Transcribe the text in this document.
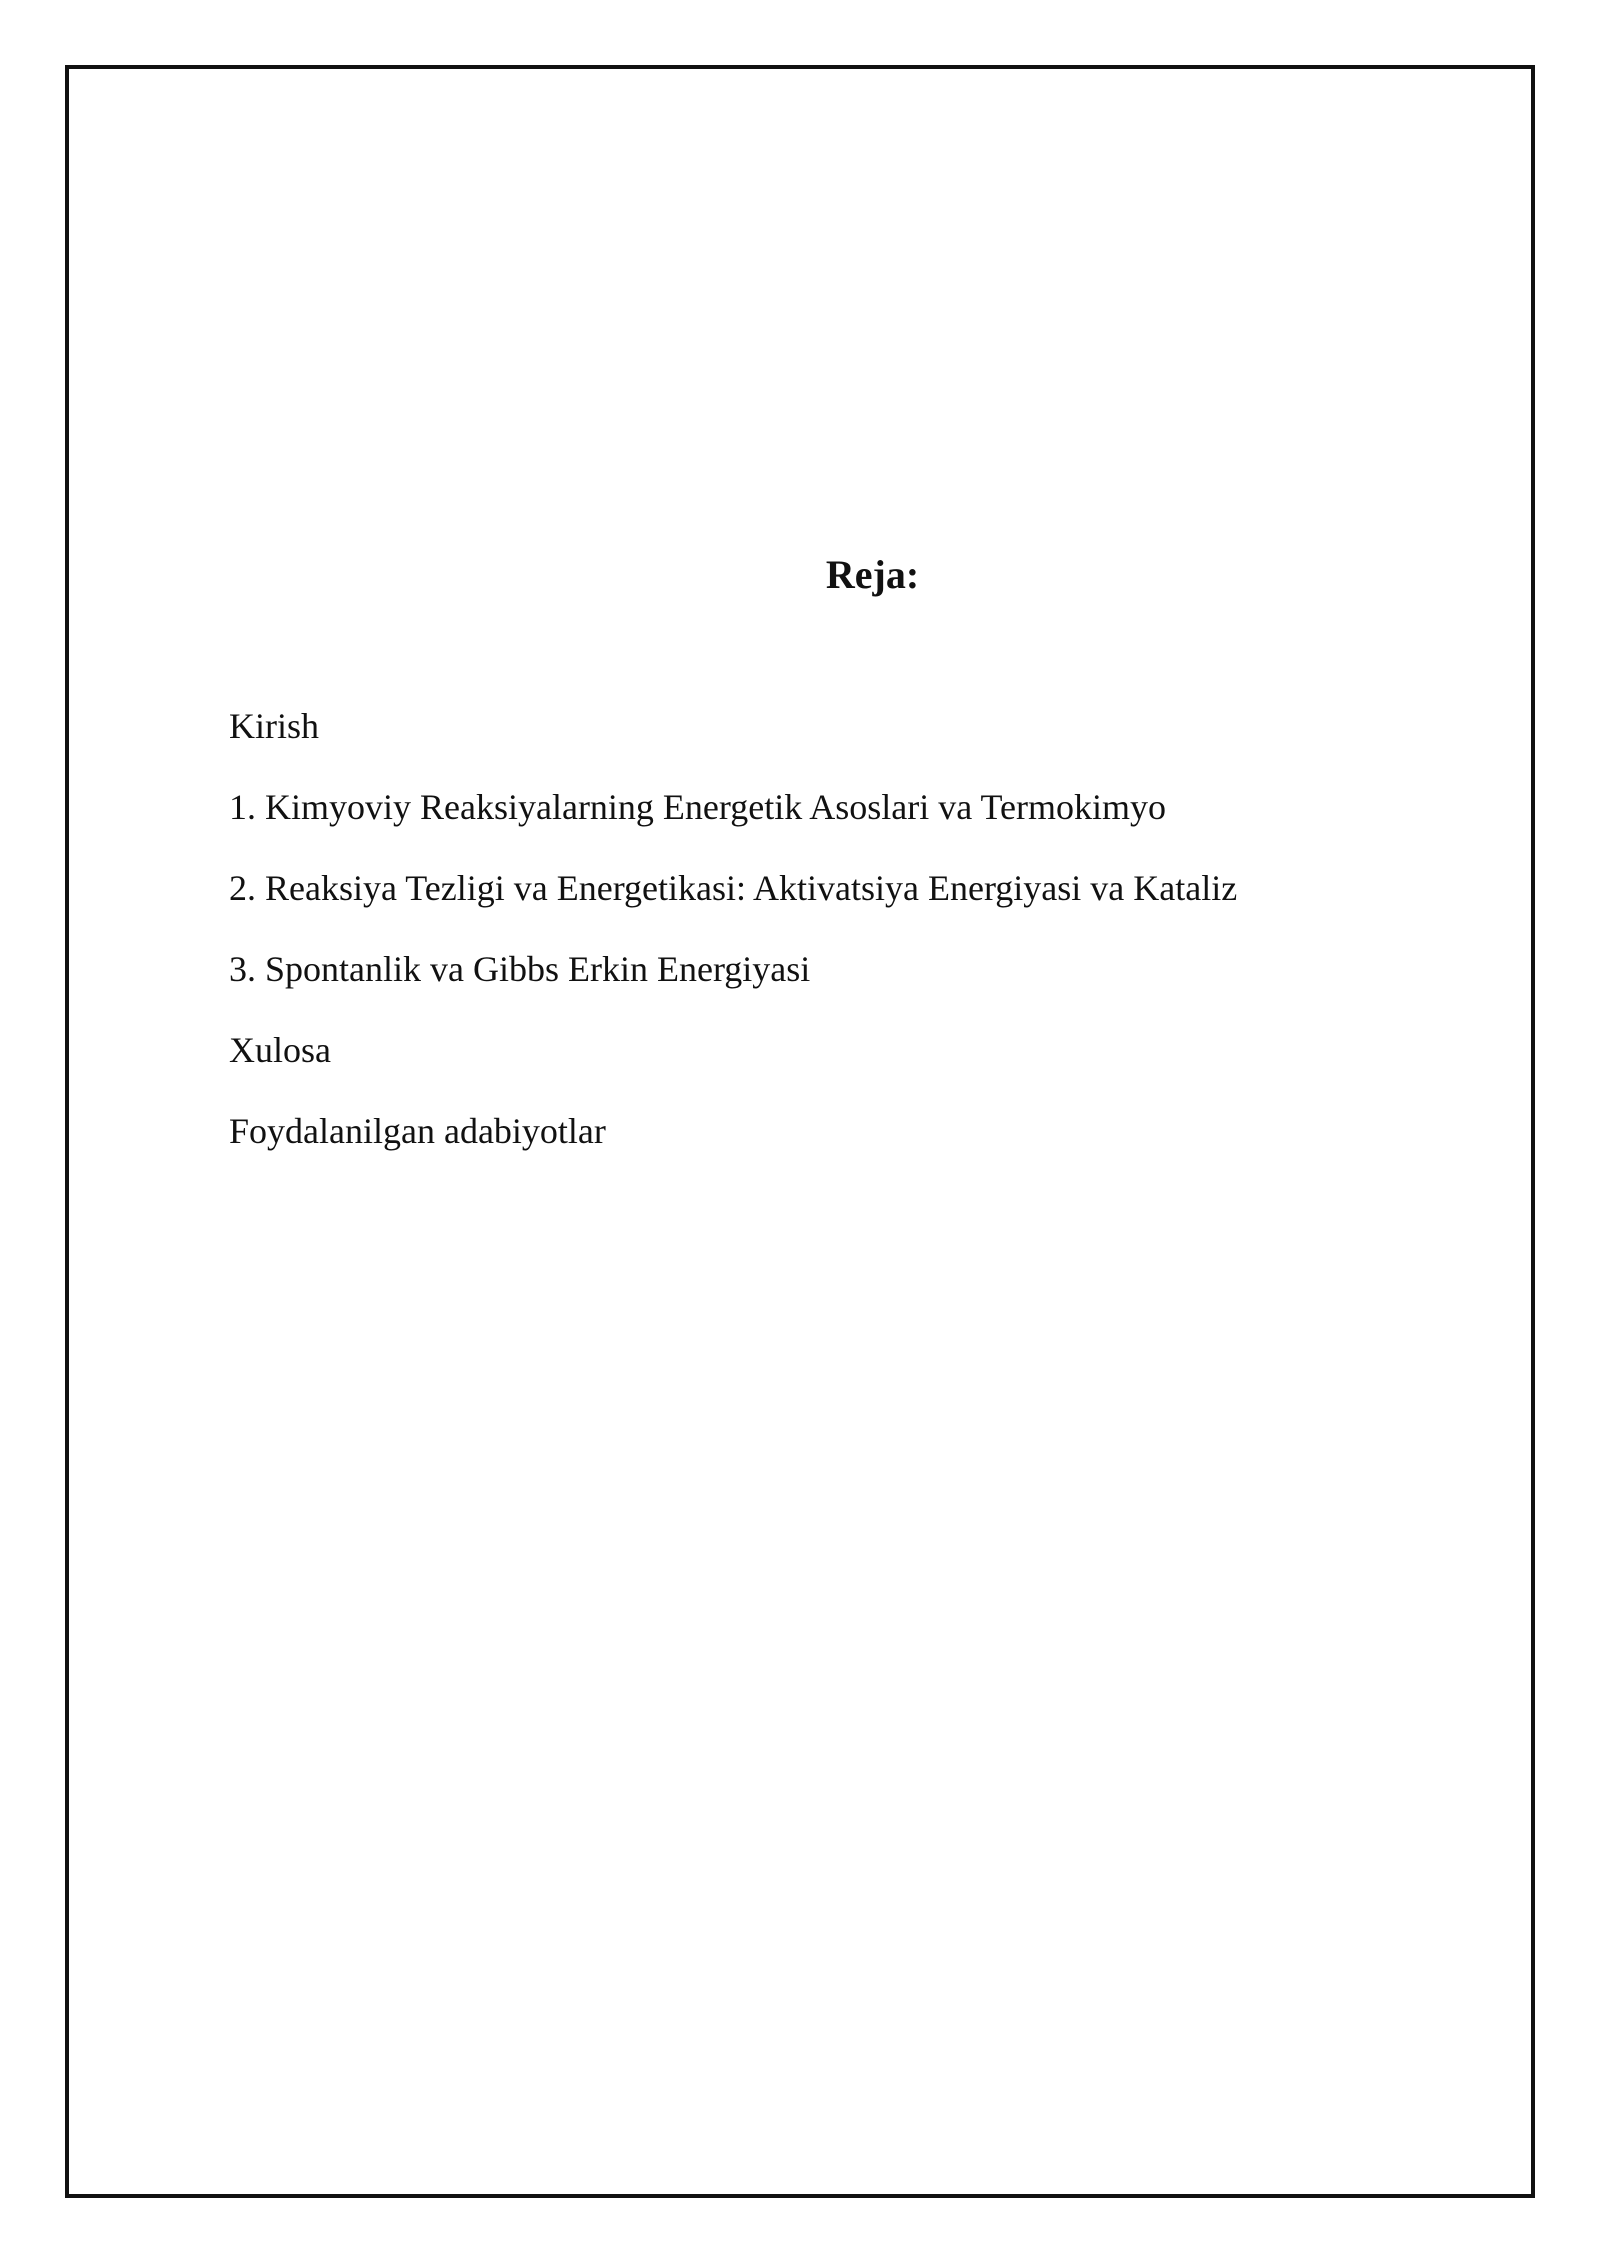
Reja:
Kirish
1. Kimyoviy Reaksiyalarning Energetik Asoslari va Termokimyo
2. Reaksiya Tezligi va Energetikasi: Aktivatsiya Energiyasi va Kataliz
3. Spontanlik va Gibbs Erkin Energiyasi
Xulosa
Foydalanilgan adabiyotlar
